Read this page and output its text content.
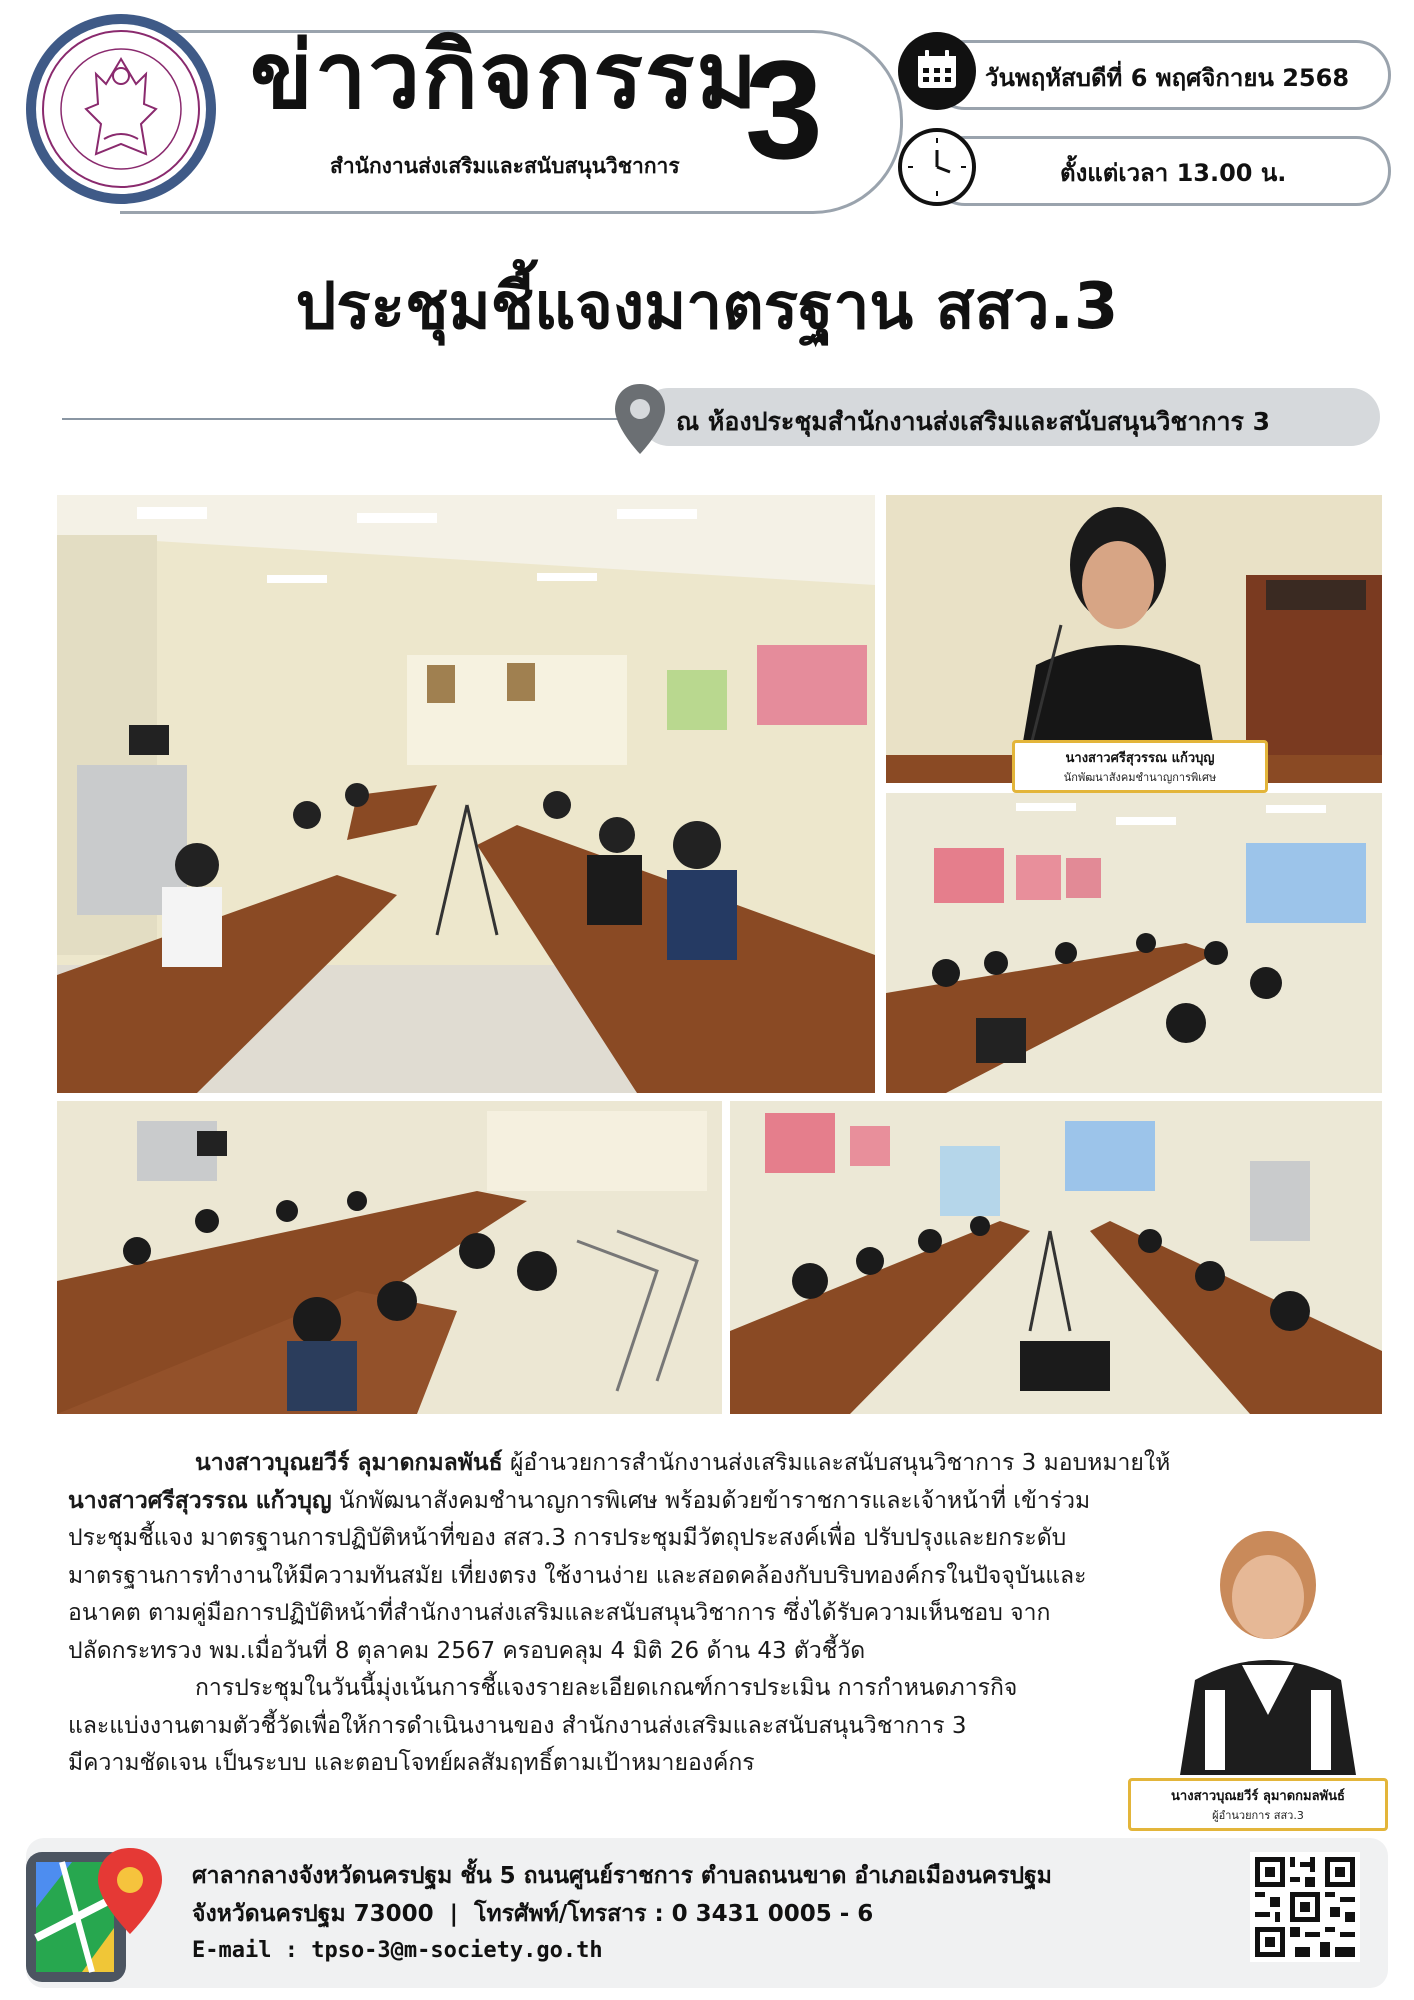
ข่าวกิจกรรม
3
สำนักงานส่งเสริมและสนับสนุนวิชาการ
วันพฤหัสบดีที่ 6 พฤศจิกายน 2568
ตั้งแต่เวลา 13.00 น.
ประชุมชี้แจงมาตรฐาน สสว.3
ณ ห้องประชุมสำนักงานส่งเสริมและสนับสนุนวิชาการ 3
นางสาวศรีสุวรรณ แก้วบุญ
นักพัฒนาสังคมชำนาญการพิเศษ
นางสาวบุณยวีร์ ลุมาดกมลพันธ์ ผู้อำนวยการสำนักงานส่งเสริมและสนับสนุนวิชาการ 3 มอบหมายให้
นางสาวศรีสุวรรณ แก้วบุญ นักพัฒนาสังคมชำนาญการพิเศษ พร้อมด้วยข้าราชการและเจ้าหน้าที่ เข้าร่วม
ประชุมชี้แจง มาตรฐานการปฏิบัติหน้าที่ของ สสว.3 การประชุมมีวัตถุประสงค์เพื่อ ปรับปรุงและยกระดับ
มาตรฐานการทำงานให้มีความทันสมัย เที่ยงตรง ใช้งานง่าย และสอดคล้องกับบริบทองค์กรในปัจจุบันและ
อนาคต ตามคู่มือการปฏิบัติหน้าที่สำนักงานส่งเสริมและสนับสนุนวิชาการ ซึ่งได้รับความเห็นชอบ จาก
ปลัดกระทรวง พม.เมื่อวันที่ 8 ตุลาคม 2567 ครอบคลุม 4 มิติ 26 ด้าน 43 ตัวชี้วัด
การประชุมในวันนี้มุ่งเน้นการชี้แจงรายละเอียดเกณฑ์การประเมิน การกำหนดภารกิจ
และแบ่งงานตามตัวชี้วัดเพื่อให้การดำเนินงานของ สำนักงานส่งเสริมและสนับสนุนวิชาการ 3
มีความชัดเจน เป็นระบบ และตอบโจทย์ผลสัมฤทธิ์ตามเป้าหมายองค์กร
นางสาวบุณยวีร์ ลุมาดกมลพันธ์
ผู้อำนวยการ สสว.3
ศาลากลางจังหวัดนครปฐม ชั้น 5 ถนนศูนย์ราชการ ตำบลถนนขาด อำเภอเมืองนครปฐม
จังหวัดนครปฐม 73000  |  โทรศัพท์/โทรสาร : 0 3431 0005 - 6
E-mail : tpso-3@m-society.go.th
